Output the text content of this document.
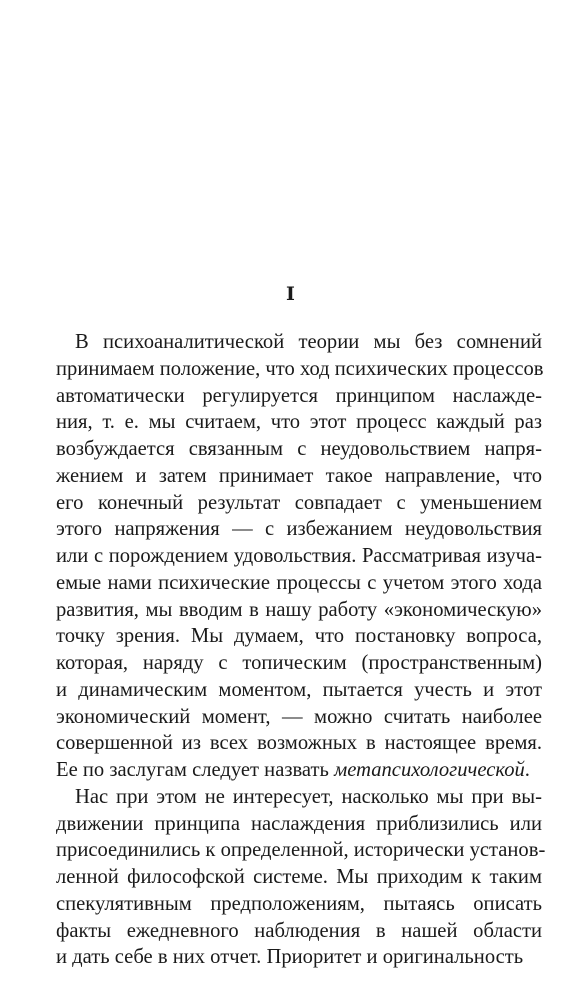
I
В психоаналитической теории мы без сомнений
принимаем положение, что ход психических процессов
автоматически регулируется принципом наслажде-
ния, т. е. мы считаем, что этот процесс каждый раз
возбуждается связанным с неудовольствием напря-
жением и затем принимает такое направление, что
его конечный результат совпадает с уменьшением
этого напряжения — с избежанием неудовольствия
или с порождением удовольствия. Рассматривая изуча-
емые нами психические процессы с учетом этого хода
развития, мы вводим в нашу работу «экономическую»
точку зрения. Мы думаем, что постановку вопроса,
которая, наряду с топическим (пространственным)
и динамическим моментом, пытается учесть и этот
экономический момент, — можно считать наиболее
совершенной из всех возможных в настоящее время.
Ее по заслугам следует назвать метапсихологической.
Нас при этом не интересует, насколько мы при вы-
движении принципа наслаждения приблизились или
присоединились к определенной, исторически установ-
ленной философской системе. Мы приходим к таким
спекулятивным предположениям, пытаясь описать
факты ежедневного наблюдения в нашей области
и дать себе в них отчет. Приоритет и оригинальность
